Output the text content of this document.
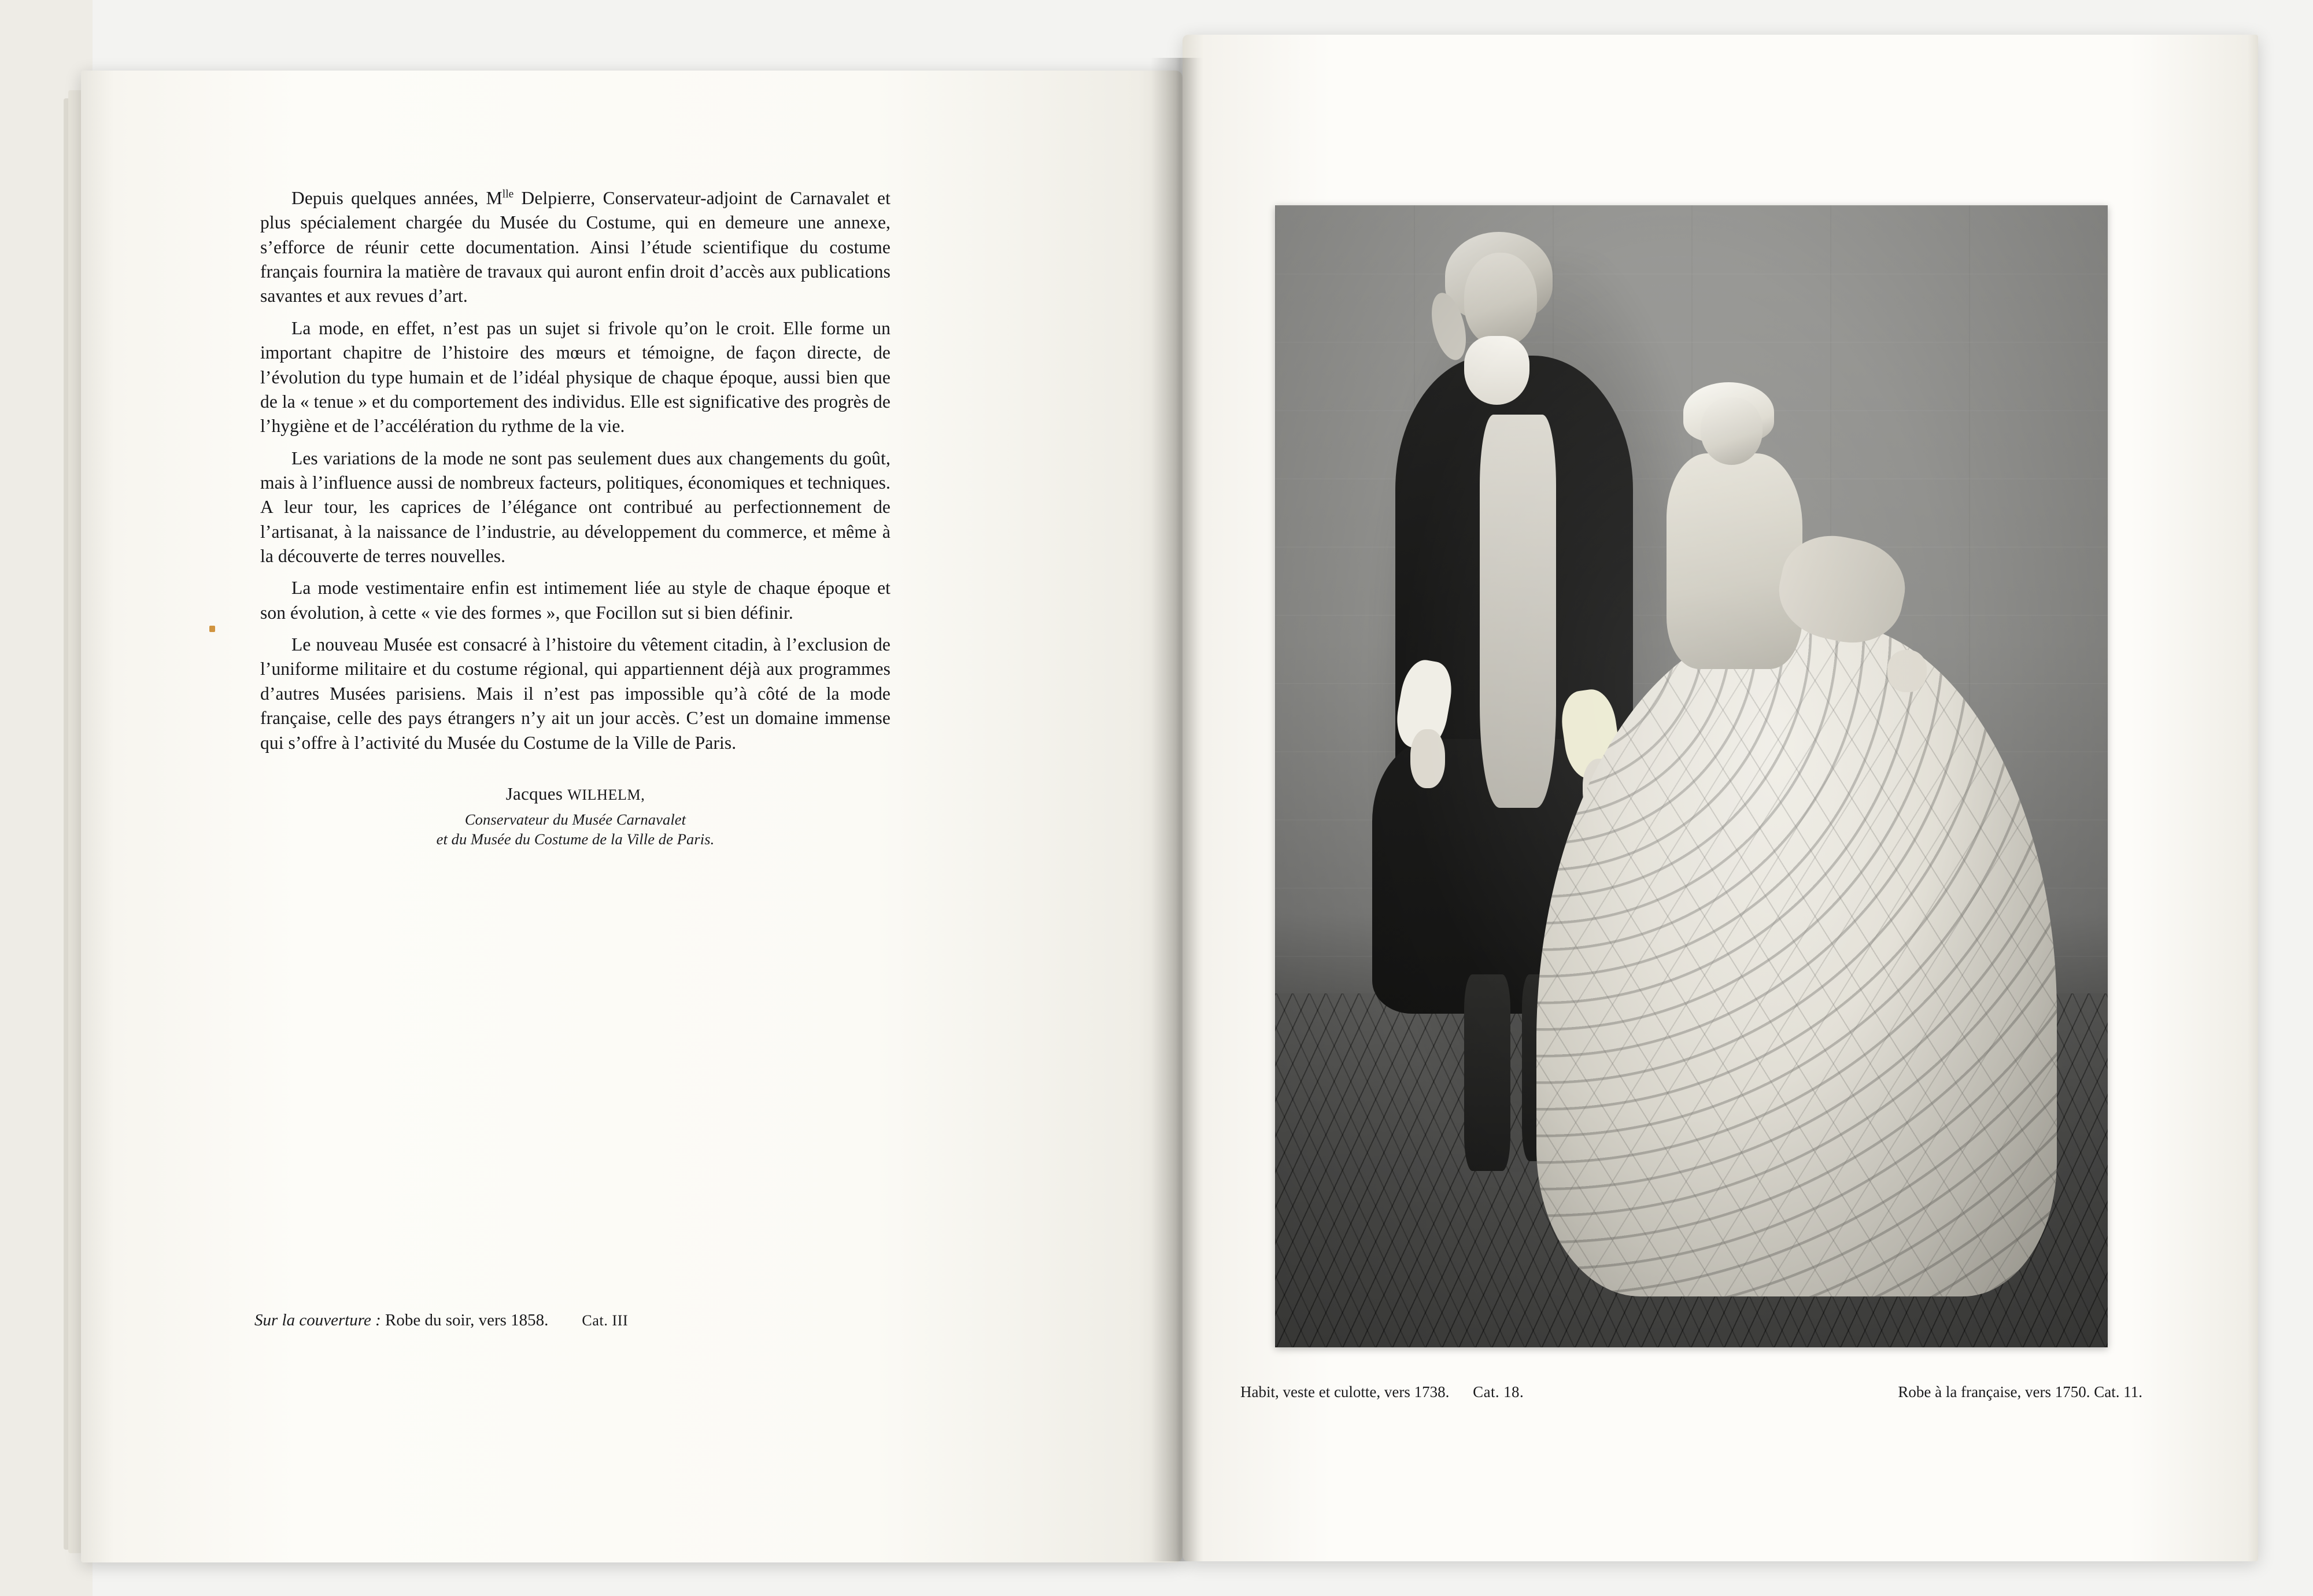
Depuis quelques années, $M^{lle}$ Delpierre, Conservateur-adjoint de Carnavalet et plus spécialement chargée du Musée du Costume, qui en demeure une annexe, s’efforce de réunir cette documentation. Ainsi l’étude scientifique du costume français fournira la matière de travaux qui auront enfin droit d’accès aux publications savantes et aux revues d’art.

La mode, en effet, n’est pas un sujet si frivole qu’on le croit. Elle forme un important chapitre de l’histoire des mœurs et témoigne, de façon directe, de l’évolution du type humain et de l’idéal physique de chaque époque, aussi bien que de la « tenue » et du comportement des individus. Elle est significative des progrès de l’hygiène et de l’accélération du rythme de la vie.

Les variations de la mode ne sont pas seulement dues aux changements du goût, mais à l’influence aussi de nombreux facteurs, politiques, économiques et techniques. A leur tour, les caprices de l’élégance ont contribué au perfectionnement de l’artisanat, à la naissance de l’industrie, au développement du commerce, et même à la découverte de terres nouvelles.

La mode vestimentaire enfin est intimement liée au style de chaque époque et son évolution, à cette « vie des formes », que Focillon sut si bien définir.

Le nouveau Musée est consacré à l’histoire du vêtement citadin, à l’exclusion de l’uniforme militaire et du costume régional, qui appartiennent déjà aux programmes d’autres Musées parisiens. Mais il n’est pas impossible qu’à côté de la mode française, celle des pays étrangers n’y ait un jour accès. C’est un domaine immense qui s’offre à l’activité du Musée du Costume de la Ville de Paris.

Jacques WILHELM,
Conservateur du Musée Carnavalet
et du Musée du Costume de la Ville de Paris.
Sur la couverture : Robe du soir, vers 1858. Cat. III
Habit, veste et culotte, vers 1738. Cat. 18.	Robe à la française, vers 1750. Cat. 11.
